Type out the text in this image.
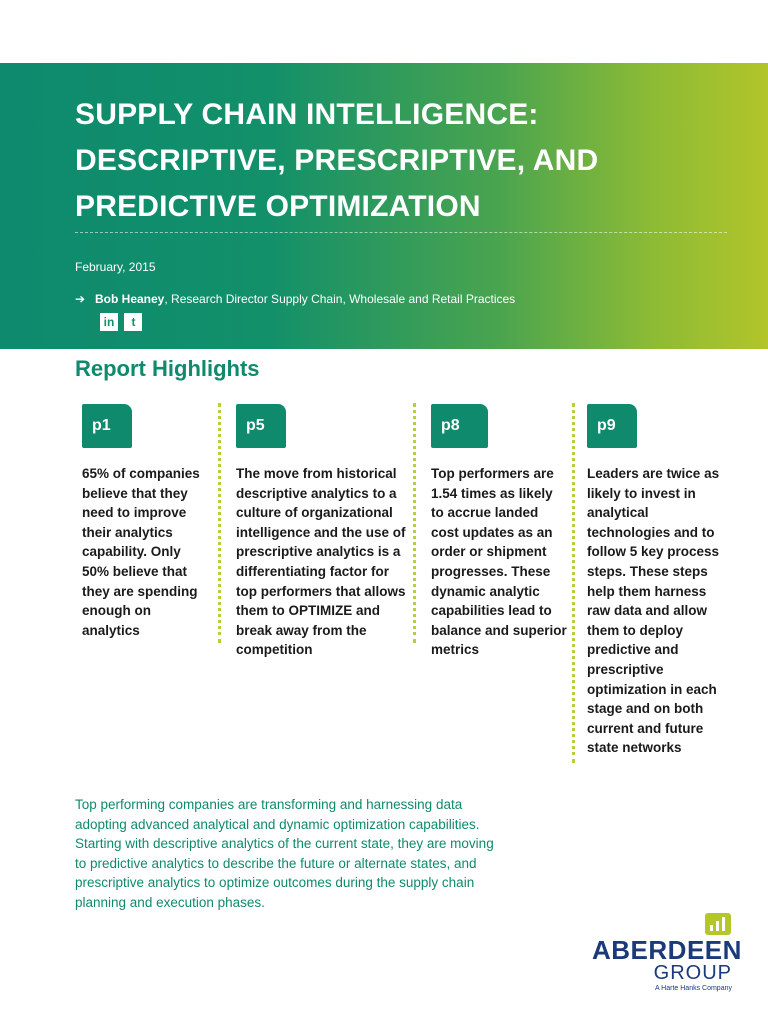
SUPPLY CHAIN INTELLIGENCE:
DESCRIPTIVE, PRESCRIPTIVE, AND
PREDICTIVE OPTIMIZATION
February, 2015
➔ Bob Heaney, Research Director Supply Chain, Wholesale and Retail Practices
in t
Report Highlights
p1
65% of companies believe that they need to improve their analytics capability. Only 50% believe that they are spending enough on analytics
p5
The move from historical descriptive analytics to a culture of organizational intelligence and the use of prescriptive analytics is a differentiating factor for top performers that allows them to OPTIMIZE and break away from the competition
p8
Top performers are 1.54 times as likely to accrue landed cost updates as an order or shipment progresses. These dynamic analytic capabilities lead to balance and superior metrics
p9
Leaders are twice as likely to invest in analytical technologies and to follow 5 key process steps. These steps help them harness raw data and allow them to deploy predictive and prescriptive optimization in each stage and on both current and future state networks

Top performing companies are transforming and harnessing data adopting advanced analytical and dynamic optimization capabilities. Starting with descriptive analytics of the current state, they are moving to predictive analytics to describe the future or alternate states, and prescriptive analytics to optimize outcomes during the supply chain planning and execution phases.

ABERDEEN
GROUP
A Harte Hanks Company
